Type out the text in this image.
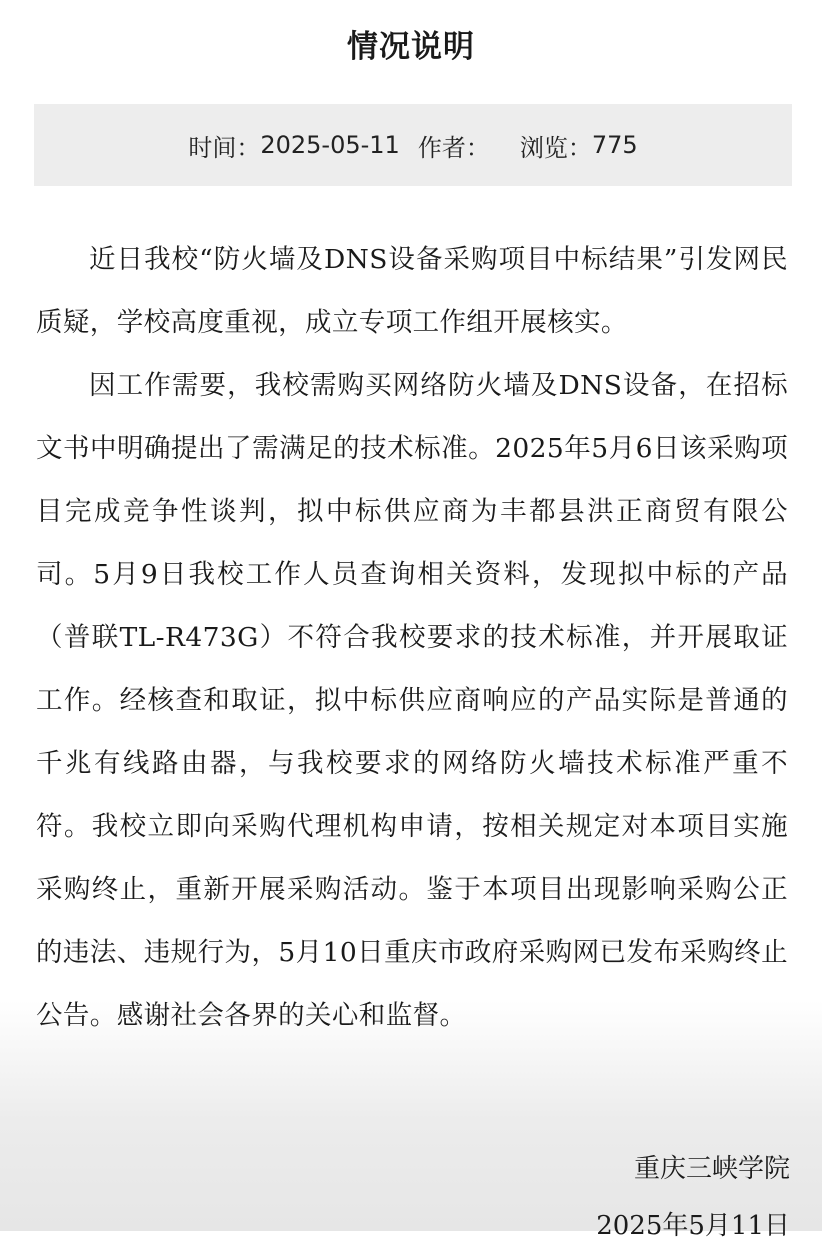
情况说明
时间： 2025-05-11 作者： 浏览： 775

近日我校“防火墙及DNS设备采购项目中标结果”引发网民质疑，学校高度重视，成立专项工作组开展核实。

因工作需要，我校需购买网络防火墙及DNS设备，在招标文书中明确提出了需满足的技术标准。2025年5月6日该采购项目完成竞争性谈判，拟中标供应商为丰都县洪正商贸有限公司。5月9日我校工作人员查询相关资料，发现拟中标的产品（普联TL-R473G）不符合我校要求的技术标准，并开展取证工作。经核查和取证，拟中标供应商响应的产品实际是普通的千兆有线路由器，与我校要求的网络防火墙技术标准严重不符。我校立即向采购代理机构申请，按相关规定对本项目实施采购终止，重新开展采购活动。鉴于本项目出现影响采购公正的违法、违规行为，5月10日重庆市政府采购网已发布采购终止公告。感谢社会各界的关心和监督。

重庆三峡学院
2025年5月11日
